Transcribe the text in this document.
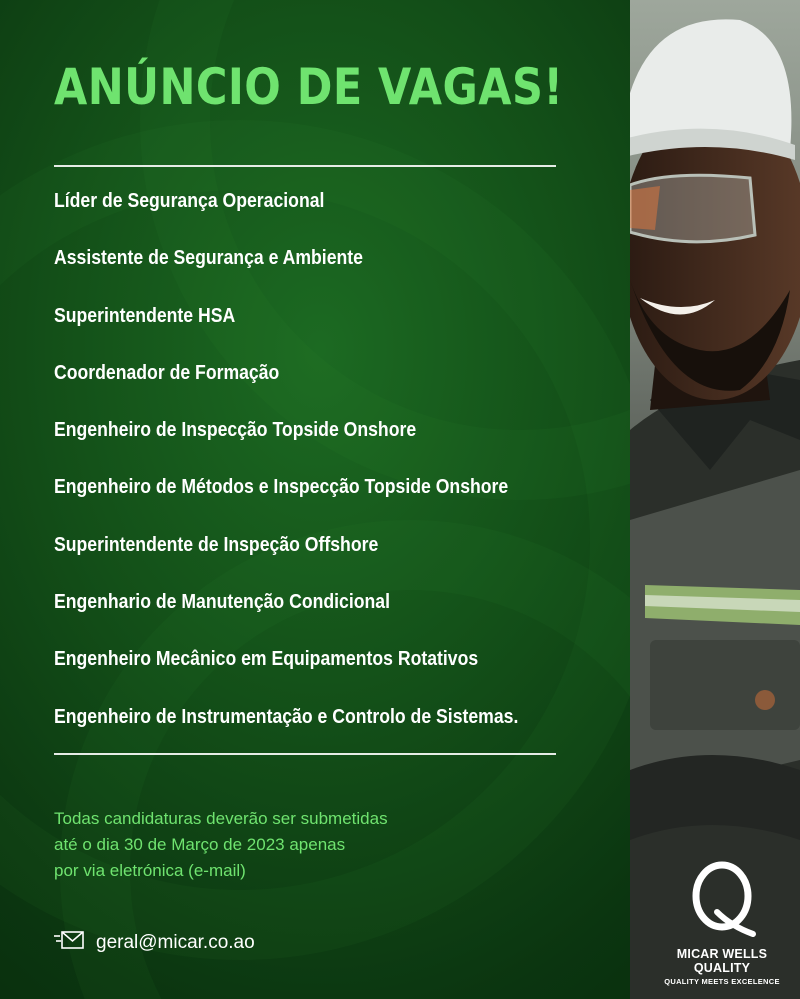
ANÚNCIO DE VAGAS!
Líder de Segurança Operacional
Assistente de Segurança e Ambiente
Superintendente HSA
Coordenador de Formação
Engenheiro de Inspecção Topside Onshore
Engenheiro de Métodos e Inspecção Topside Onshore
Superintendente de Inspeção Offshore
Engenhario de Manutenção Condicional
Engenheiro Mecânico em Equipamentos Rotativos
Engenheiro de Instrumentação e Controlo de Sistemas.
Todas candidaturas deverão ser submetidas
até o dia 30 de Março de 2023 apenas
por via eletrónica (e-mail)
geral@micar.co.ao
MICAR WELLS QUALITY
QUALITY MEETS EXCELENCE
